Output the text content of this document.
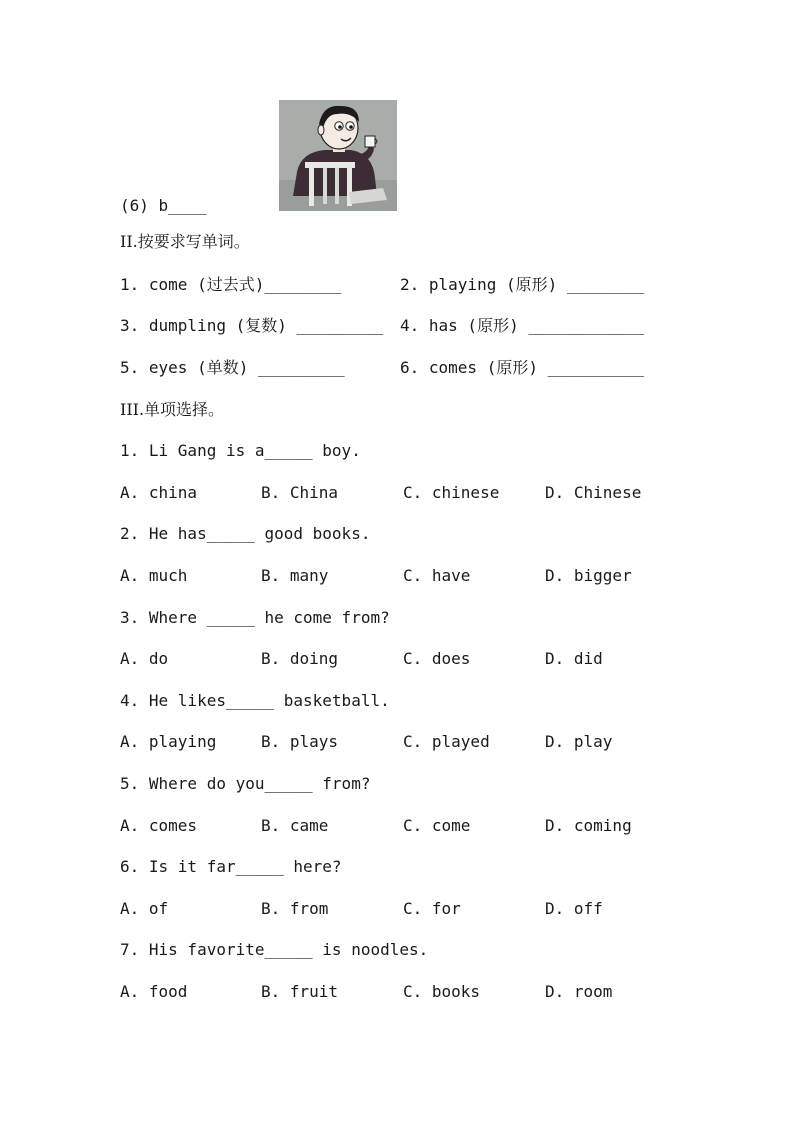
(6) b____
II.按要求写单词。
1. come (过去式)________	2. playing (原形) ________
3. dumpling (复数) _________ 4. has (原形) ____________
5. eyes (单数) _________	6. comes (原形) __________
III.单项选择。
1. Li Gang is a_____ boy.
A. china	B. China	C. chinese	D. Chinese
2. He has_____ good books.
A. much	B. many	C. have	D. bigger
3. Where _____ he come from?
A. do	B. doing	C. does	D. did
4. He likes_____ basketball.
A. playing	B. plays	C. played	D. play
5. Where do you_____ from?
A. comes	B. came	C. come	D. coming
6. Is it far_____ here?
A. of	B. from	C. for	D. off
7. His favorite_____ is noodles.
A. food	B. fruit	C. books	D. room
